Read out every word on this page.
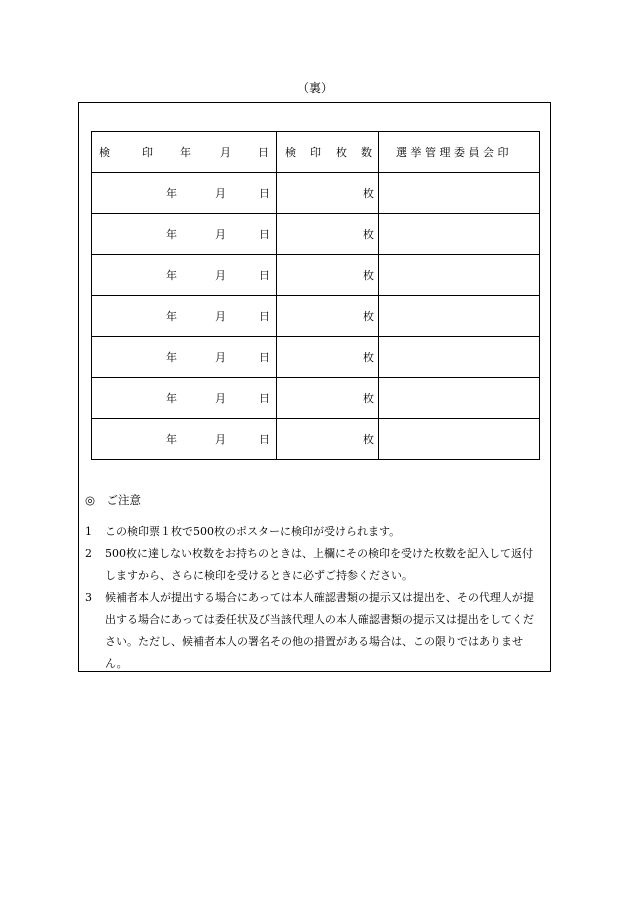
（裏）
検 印 年 月 日	検 印 枚 数	選 挙 管 理 委 員 会 印

年 月 日	枚	

年 月 日	枚	

年 月 日	枚	

年 月 日	枚	

年 月 日	枚	

年 月 日	枚	

年 月 日	枚	

◎　ご注意
1 この検印票１枚で500枚のポスターに検印が受けられます。
2 500枚に達しない枚数をお持ちのときは、上欄にその検印を受けた枚数を記入して返付しますから、さらに検印を受けるときに必ずご持参ください。
3 候補者本人が提出する場合にあっては本人確認書類の提示又は提出を、その代理人が提出する場合にあっては委任状及び当該代理人の本人確認書類の提示又は提出をしてください。ただし、候補者本人の署名その他の措置がある場合は、この限りではありません。
